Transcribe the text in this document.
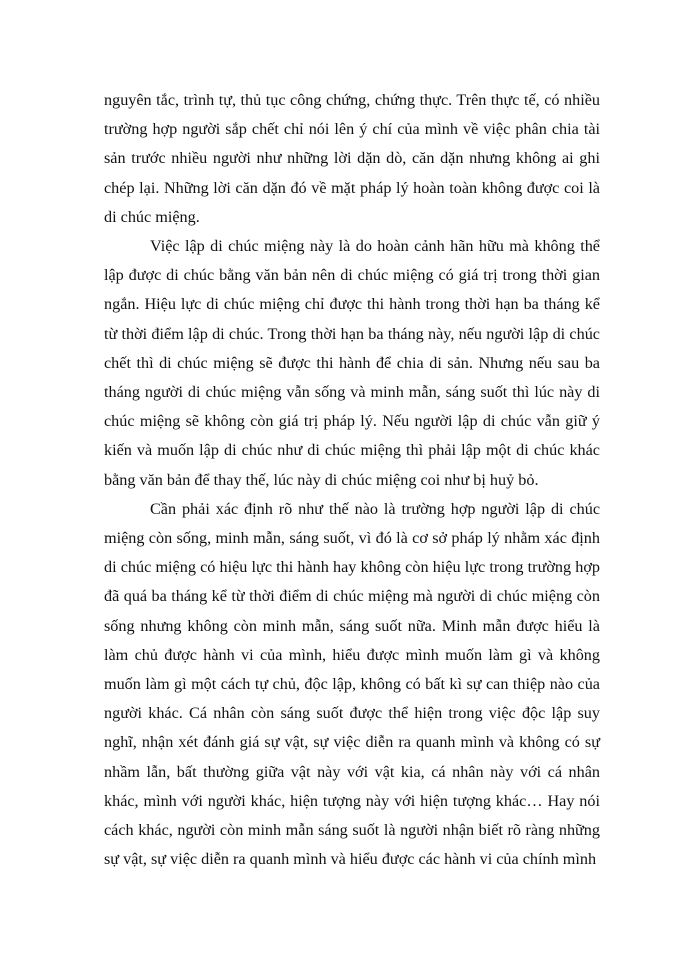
nguyên tắc, trình tự, thủ tục công chứng, chứng thực. Trên thực tế, có nhiều trường hợp người sắp chết chỉ nói lên ý chí của mình về việc phân chia tài sản trước nhiều người như những lời dặn dò, căn dặn nhưng không ai ghi chép lại. Những lời căn dặn đó về mặt pháp lý hoàn toàn không được coi là di chúc miệng.

Việc lập di chúc miệng này là do hoàn cảnh hãn hữu mà không thể lập được di chúc bằng văn bản nên di chúc miệng có giá trị trong thời gian ngắn. Hiệu lực di chúc miệng chỉ được thi hành trong thời hạn ba tháng kể từ thời điểm lập di chúc. Trong thời hạn ba tháng này, nếu người lập di chúc chết thì di chúc miệng sẽ được thi hành để chia di sản. Nhưng nếu sau ba tháng người di chúc miệng vẫn sống và minh mẫn, sáng suốt thì lúc này di chúc miệng sẽ không còn giá trị pháp lý. Nếu người lập di chúc vẫn giữ ý kiến và muốn lập di chúc như di chúc miệng thì phải lập một di chúc khác bằng văn bản để thay thế, lúc này di chúc miệng coi như bị huỷ bỏ.

Cần phải xác định rõ như thế nào là trường hợp người lập di chúc miệng còn sống, minh mẫn, sáng suốt, vì đó là cơ sở pháp lý nhằm xác định di chúc miệng có hiệu lực thi hành hay không còn hiệu lực trong trường hợp đã quá ba tháng kể từ thời điểm di chúc miệng mà người di chúc miệng còn sống nhưng không còn minh mẫn, sáng suốt nữa. Minh mẫn được hiểu là làm chủ được hành vi của mình, hiểu được mình muốn làm gì và không muốn làm gì một cách tự chủ, độc lập, không có bất kì sự can thiệp nào của người khác. Cá nhân còn sáng suốt được thể hiện trong việc độc lập suy nghĩ, nhận xét đánh giá sự vật, sự việc diễn ra quanh mình và không có sự nhầm lẫn, bất thường giữa vật này với vật kia, cá nhân này với cá nhân khác, mình với người khác, hiện tượng này với hiện tượng khác… Hay nói cách khác, người còn minh mẫn sáng suốt là người nhận biết rõ ràng những sự vật, sự việc diễn ra quanh mình và hiểu được các hành vi của chính mình
